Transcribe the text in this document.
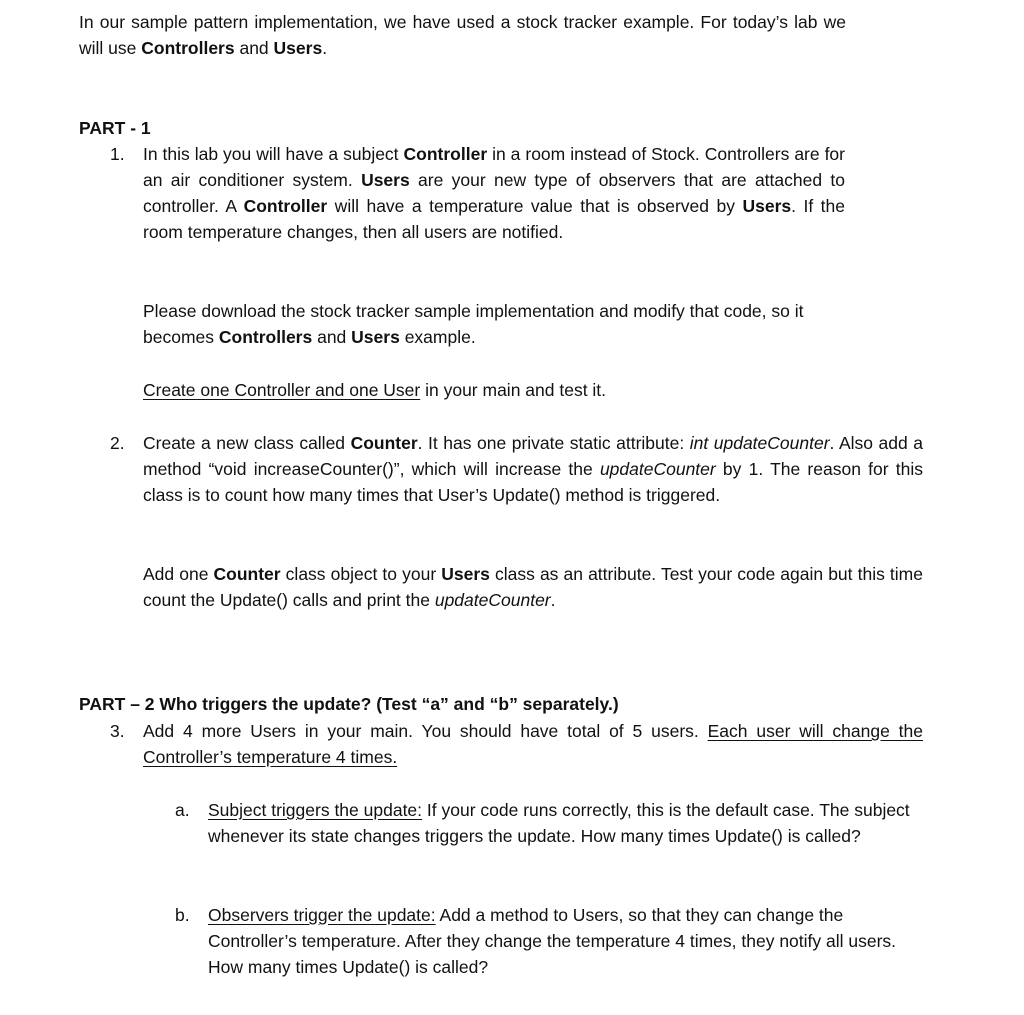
In our sample pattern implementation, we have used a stock tracker example. For today’s lab we will use Controllers and Users.
PART - 1
1. In this lab you will have a subject Controller in a room instead of Stock. Controllers are for an air conditioner system. Users are your new type of observers that are attached to controller. A Controller will have a temperature value that is observed by Users. If the room temperature changes, then all users are notified.
Please download the stock tracker sample implementation and modify that code, so it becomes Controllers and Users example.
Create one Controller and one User in your main and test it.
2. Create a new class called Counter. It has one private static attribute: int updateCounter. Also add a method “void increaseCounter()”, which will increase the updateCounter by 1. The reason for this class is to count how many times that User’s Update() method is triggered.
Add one Counter class object to your Users class as an attribute. Test your code again but this time count the Update() calls and print the updateCounter.
PART – 2 Who triggers the update? (Test “a” and “b” separately.)
3. Add 4 more Users in your main. You should have total of 5 users. Each user will change the Controller’s temperature 4 times.
a. Subject triggers the update: If your code runs correctly, this is the default case. The subject whenever its state changes triggers the update. How many times Update() is called?
b. Observers trigger the update: Add a method to Users, so that they can change the Controller’s temperature. After they change the temperature 4 times, they notify all users. How many times Update() is called?
